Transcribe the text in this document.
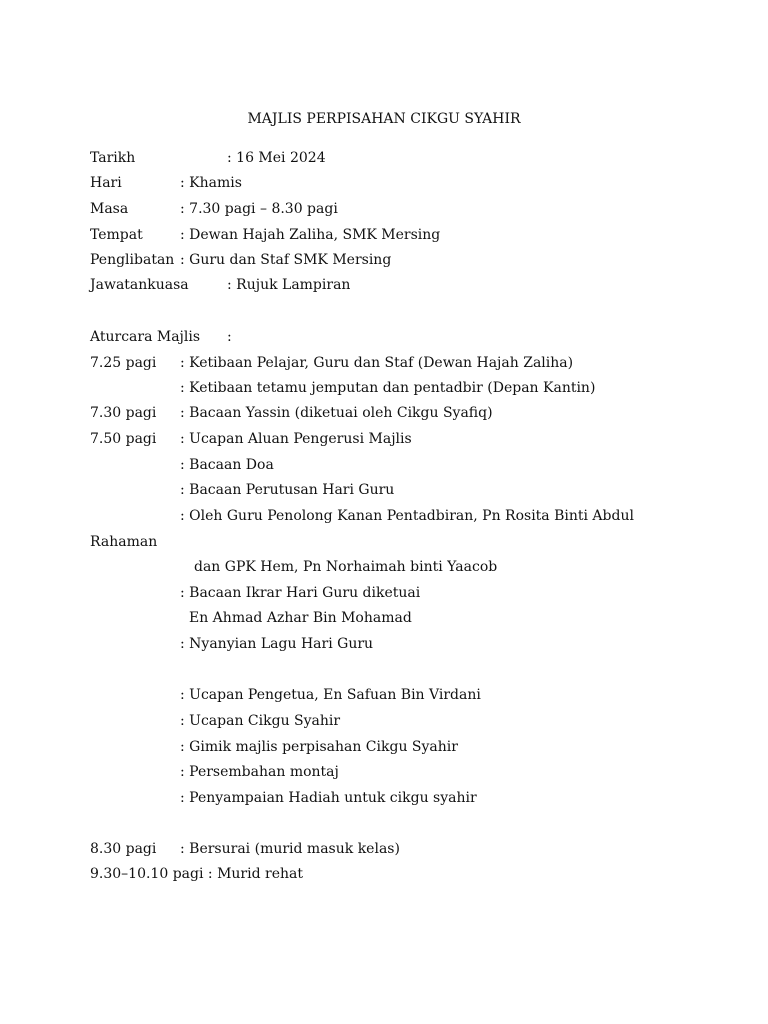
MAJLIS PERPISAHAN CIKGU SYAHIR
Tarikh	: 16 Mei 2024
Hari	: Khamis
Masa	: 7.30 pagi – 8.30 pagi
Tempat	: Dewan Hajah Zaliha, SMK Mersing
Penglibatan : Guru dan Staf SMK Mersing
Jawatankuasa	: Rujuk Lampiran
Aturcara Majlis :
7.25 pagi : Ketibaan Pelajar, Guru dan Staf (Dewan Hajah Zaliha)
: Ketibaan tetamu jemputan dan pentadbir (Depan Kantin)
7.30 pagi : Bacaan Yassin (diketuai oleh Cikgu Syafiq)
7.50 pagi : Ucapan Aluan Pengerusi Majlis
: Bacaan Doa
: Bacaan Perutusan Hari Guru
: Oleh Guru Penolong Kanan Pentadbiran, Pn Rosita Binti Abdul
Rahaman
dan GPK Hem, Pn Norhaimah binti Yaacob
: Bacaan Ikrar Hari Guru diketuai
En Ahmad Azhar Bin Mohamad
: Nyanyian Lagu Hari Guru
: Ucapan Pengetua, En Safuan Bin Virdani
: Ucapan Cikgu Syahir
: Gimik majlis perpisahan Cikgu Syahir
: Persembahan montaj
: Penyampaian Hadiah untuk cikgu syahir
8.30 pagi : Bersurai (murid masuk kelas)
9.30–10.10 pagi : Murid rehat
